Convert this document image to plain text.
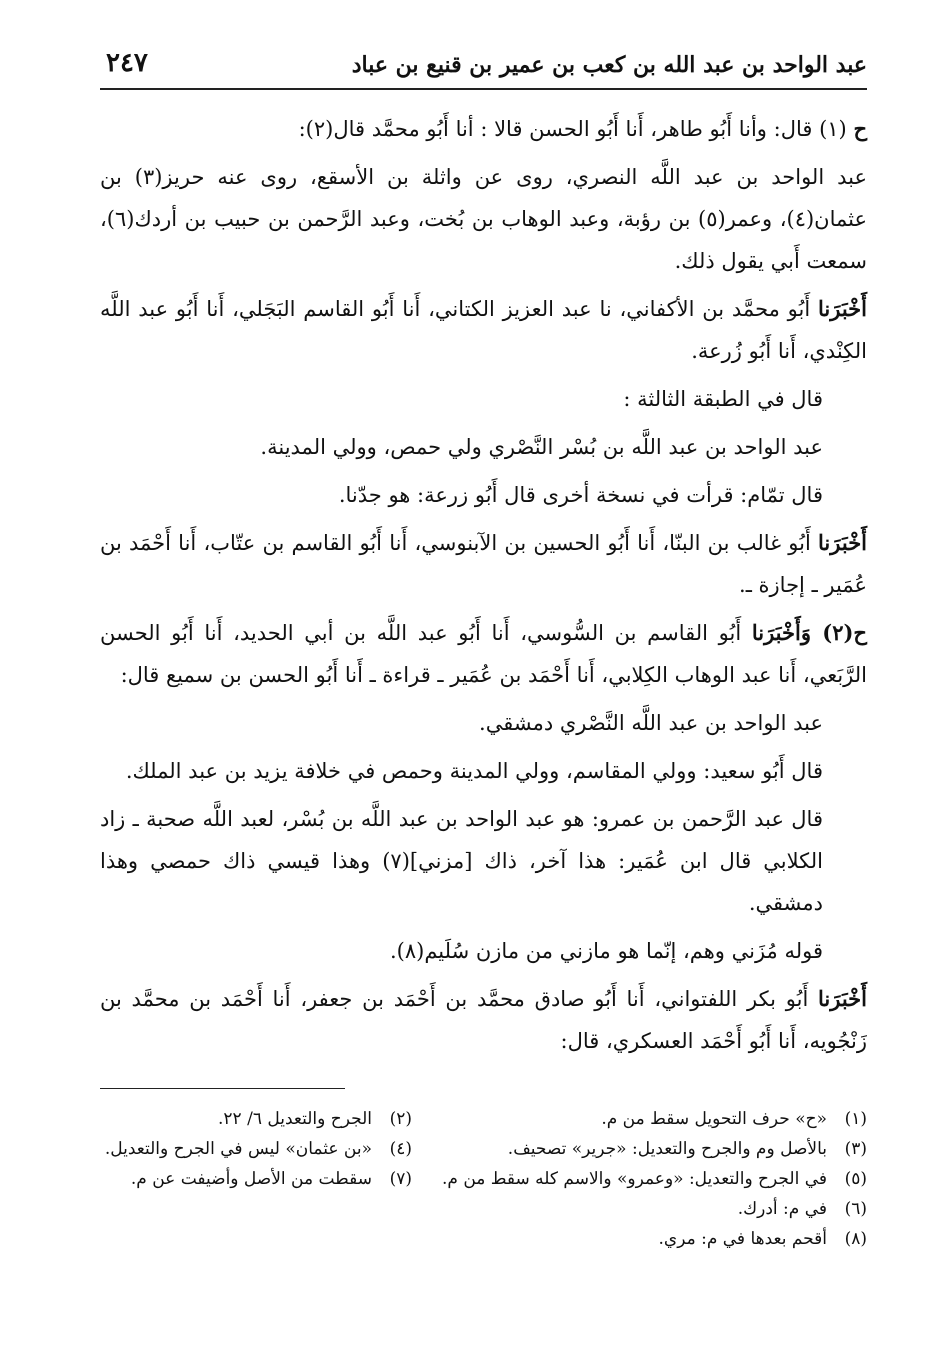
٢٤٧	عبد الواحد بن عبد الله بن كعب بن عمير بن قنيع بن عباد

ح (١) قال: وأنا أَبُو طاهر، أَنا أَبُو الحسن قالا : أنا أَبُو محمَّد قال(٢):

عبد الواحد بن عبد اللَّه النصري، روى عن واثلة بن الأسقع، روى عنه حريز(٣) بن عثمان(٤)، وعمر(٥) بن رؤبة، وعبد الوهاب بن بُخت، وعبد الرَّحمن بن حبيب بن أردك(٦)، سمعت أَبي يقول ذلك.

أَخْبَرَنا أَبُو محمَّد بن الأكفاني، نا عبد العزيز الكتاني، أَنا أَبُو القاسم البَجَلي، أَنا أَبُو عبد اللَّه الكِنْدي، أَنا أَبُو زُرعة.

قال في الطبقة الثالثة :

عبد الواحد بن عبد اللَّه بن بُسْر النَّصْري ولي حمص، وولي المدينة.

قال تمّام: قرأت في نسخة أخرى قال أَبُو زرعة: هو جدّنا.

أَخْبَرَنا أَبُو غالب بن البنّا، أَنا أَبُو الحسين بن الآبنوسي، أَنا أَبُو القاسم بن عتّاب، أَنا أَحْمَد بن عُمَير ـ إجازة ـ.

ح(٢) وَأَخْبَرَنا أَبُو القاسم بن السُّوسي، أَنا أَبُو عبد اللَّه بن أبي الحديد، أَنا أَبُو الحسن الرَّبَعي، أَنا عبد الوهاب الكِلابي، أَنا أَحْمَد بن عُمَير ـ قراءة ـ أَنا أَبُو الحسن بن سميع قال:

عبد الواحد بن عبد اللَّه النَّصْري دمشقي.

قال أَبُو سعيد: وولي المقاسم، وولي المدينة وحمص في خلافة يزيد بن عبد الملك.

قال عبد الرَّحمن بن عمرو: هو عبد الواحد بن عبد اللَّه بن بُسْر، لعبد اللَّه صحبة ـ زاد الكلابي قال ابن عُمَير: هذا آخر، ذاك [مزني](٧) وهذا قيسي ذاك حمصي وهذا دمشقي.

قوله مُزَني وهم، إنّما هو مازني من مازن سُلَيم(٨).

أَخْبَرَنا أَبُو بكر اللفتواني، أَنا أَبُو صادق محمَّد بن أَحْمَد بن جعفر، أَنا أَحْمَد بن محمَّد بن زَنْجُويه، أَنا أَبُو أَحْمَد العسكري، قال:

(١)«ح» حرف التحويل سقط من م.
(٢)الجرح والتعديل ٦/ ٢٢.
(٣)بالأصل وم والجرح والتعديل: «جرير» تصحيف.
(٤)«بن عثمان» ليس في الجرح والتعديل.
(٥)في الجرح والتعديل: «وعمرو» والاسم كله سقط من م.
(٧)سقطت من الأصل وأضيفت عن م.
(٦)في م: أدرك.
(٨)أقحم بعدها في م: مري.
